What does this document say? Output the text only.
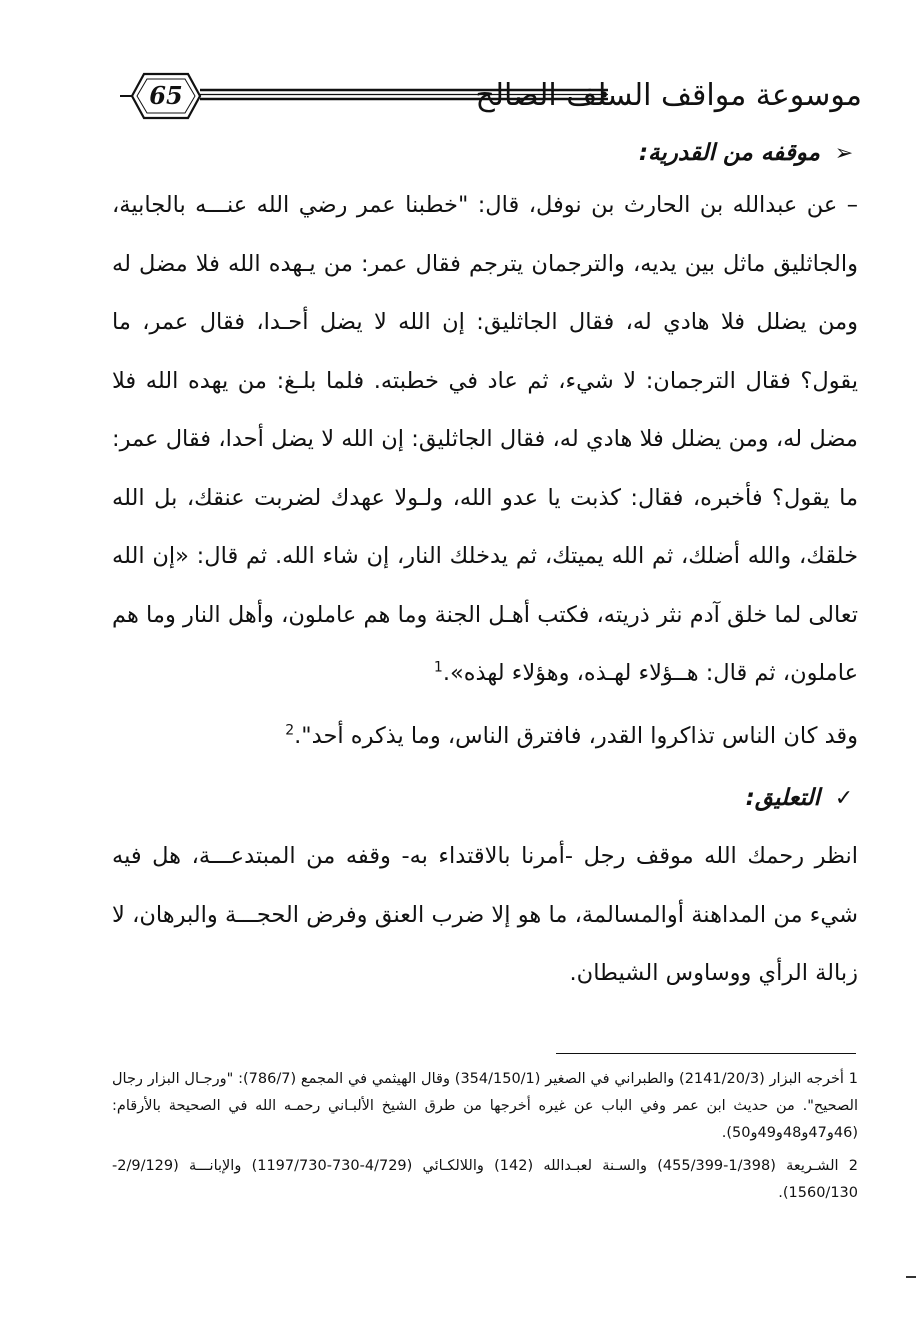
65	موسوعة مواقف السلف الصالح
➢
موقفه من القدرية:

– عن عبدالله بن الحارث بن نوفل، قال: "خطبنا عمر رضي الله عنـــه بالجابية، والجاثليق ماثل بين يديه، والترجمان يترجم فقال عمر: من يـهده الله فلا مضل له ومن يضلل فلا هادي له، فقال الجاثليق: إن الله لا يضل أحـدا، فقال عمر، ما يقول؟ فقال الترجمان: لا شيء، ثم عاد في خطبته. فلما بلـغ: من يهده الله فلا مضل له، ومن يضلل فلا هادي له، فقال الجاثليق: إن الله لا يضل أحدا، فقال عمر: ما يقول؟ فأخبره، فقال: كذبت يا عدو الله، ولـولا عهدك لضربت عنقك، بل الله خلقك، والله أضلك، ثم الله يميتك، ثم يدخلك النار، إن شاء الله. ثم قال: «إن الله تعالى لما خلق آدم نثر ذريته، فكتب أهـل الجنة وما هم عاملون، وأهل النار وما هم عاملون، ثم قال: هــؤلاء لهـذه، وهؤلاء لهذه».$^1$

وقد كان الناس تذاكروا القدر، فافترق الناس، وما يذكره أحد".$^2$

✓
التعليق:

انظر رحمك الله موقف رجل -أمرنا بالاقتداء به- وقفه من المبتدعـــة، هل فيه شيء من المداهنة أوالمسالمة، ما هو إلا ضرب العنق وفرض الحجـــة والبرهان، لا زبالة الرأي ووساوس الشيطان.

1 أخرجه البزار (2141/20/3) والطبراني في الصغير (354/150/1) وقال الهيثمي في المجمع (786/7): "ورجـال البزار رجال الصحيح". من حديث ابن عمر وفي الباب عن غيره أخرجها من طرق الشيخ الألبـاني رحمـه الله في الصحيحة بالأرقام: (46و47و48و49و50).

2 الشـريعة (1/398-455/399) والسـنة لعبـدالله (142) واللالكـائي (4/729-730-1197/730) والإبانـــة (2/9/129-1560/130).
